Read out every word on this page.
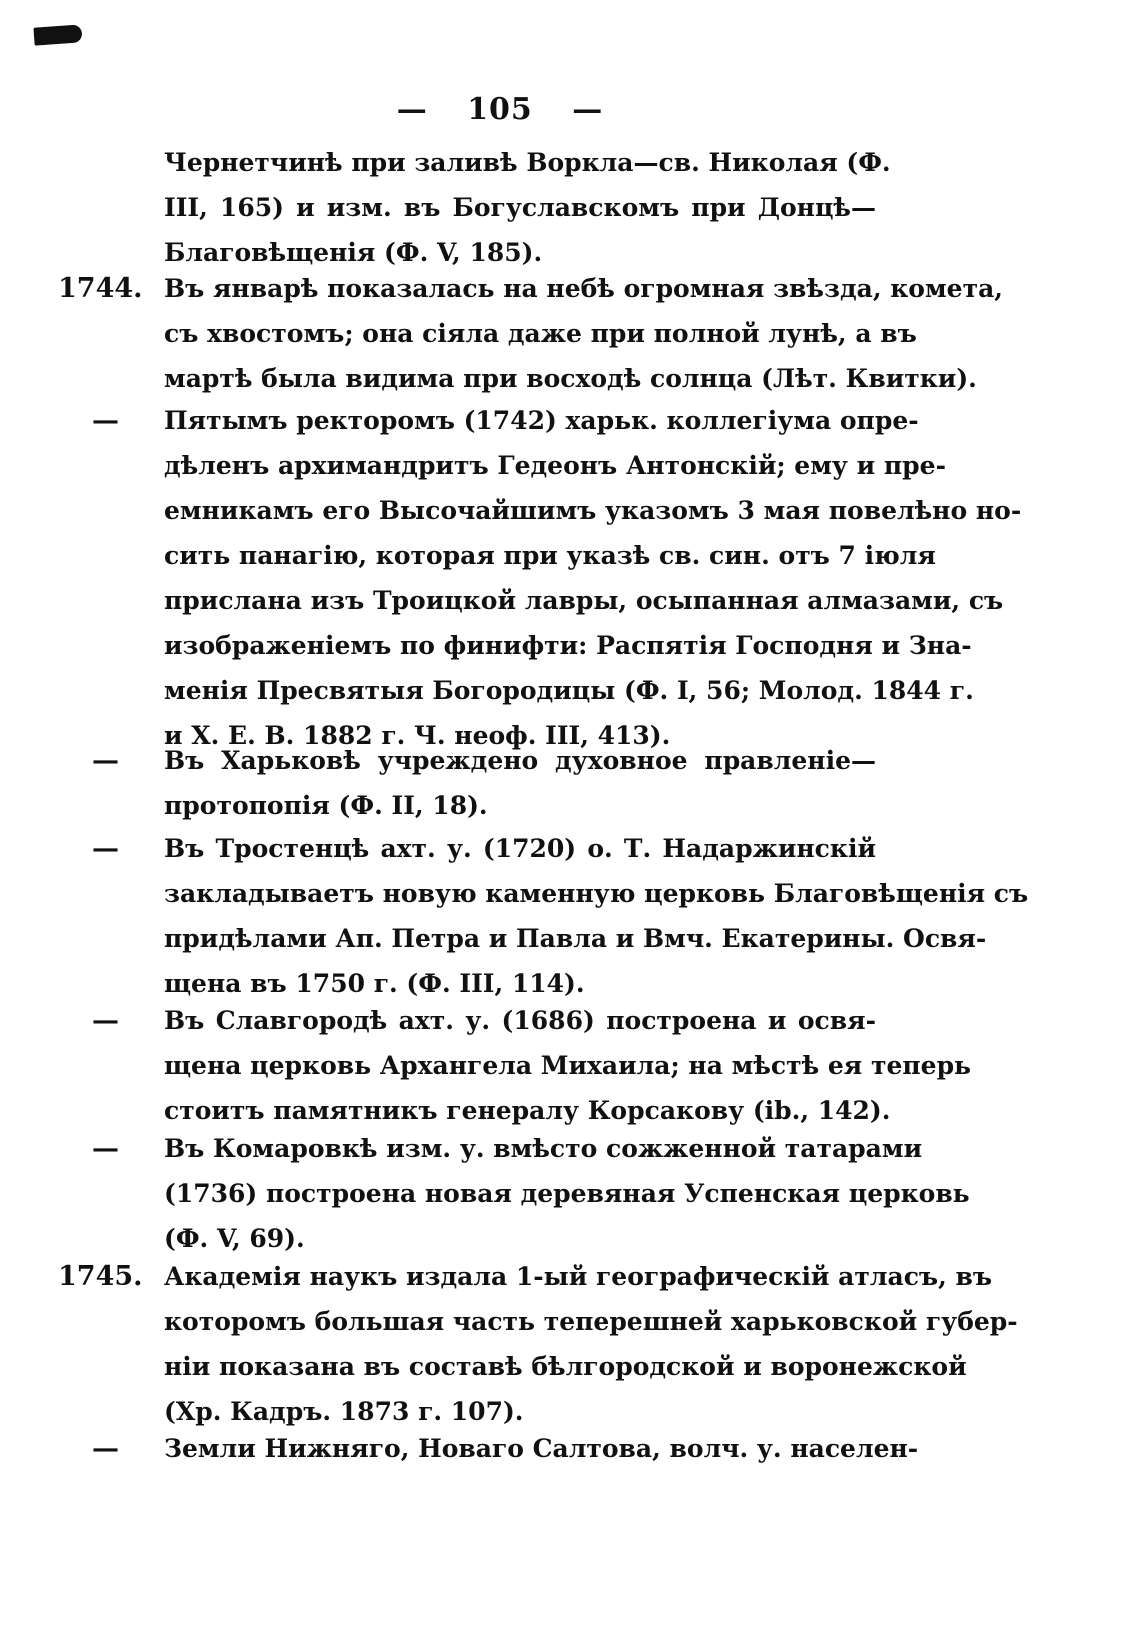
— 105 —
Чернетчинѣ при заливѣ Воркла—св. Николая (Ф.
III, 165) и изм. въ Богуславскомъ при Донцѣ—
Благовѣщенія (Ф. V, 185).
1744. Въ январѣ показалась на небѣ огромная звѣзда, комета,
съ хвостомъ; она сіяла даже при полной лунѣ, а въ
мартѣ была видима при восходѣ солнца (Лѣт. Квитки).
—	Пятымъ ректоромъ (1742) харьк. коллегіума опре-
дѣленъ архимандритъ Гедеонъ Антонскій; ему и пре-
емникамъ его Высочайшимъ указомъ 3 мая повелѣно но-
сить панагію, которая при указѣ св. син. отъ 7 іюля
прислана изъ Троицкой лавры, осыпанная алмазами, съ
изображеніемъ по финифти: Распятія Господня и Зна-
менія Пресвятыя Богородицы (Ф. I, 56; Молод. 1844 г.
и Х. Е. В. 1882 г. Ч. неоф. III, 413).
—	Въ Харьковѣ учреждено духовное правленіе—
протопопія (Ф. II, 18).
—	Въ Тростенцѣ ахт. у. (1720) о. Т. Надаржинскій
закладываетъ новую каменную церковь Благовѣщенія съ
придѣлами Ап. Петра и Павла и Вмч. Екатерины. Освя-
щена въ 1750 г. (Ф. III, 114).
—	Въ Славгородѣ ахт. у. (1686) построена и освя-
щена церковь Архангела Михаила; на мѣстѣ ея теперь
стоитъ памятникъ генералу Корсакову (ib., 142).
—	Въ Комаровкѣ изм. у. вмѣсто сожженной татарами
(1736) построена новая деревяная Успенская церковь
(Ф. V, 69).
1745. Академія наукъ издала 1-ый географическій атласъ, въ
которомъ большая часть теперешней харьковской губер-
ніи показана въ составѣ бѣлгородской и воронежской
(Хр. Кадръ. 1873 г. 107).
—	Земли Нижняго, Новаго Салтова, волч. у. населен-
